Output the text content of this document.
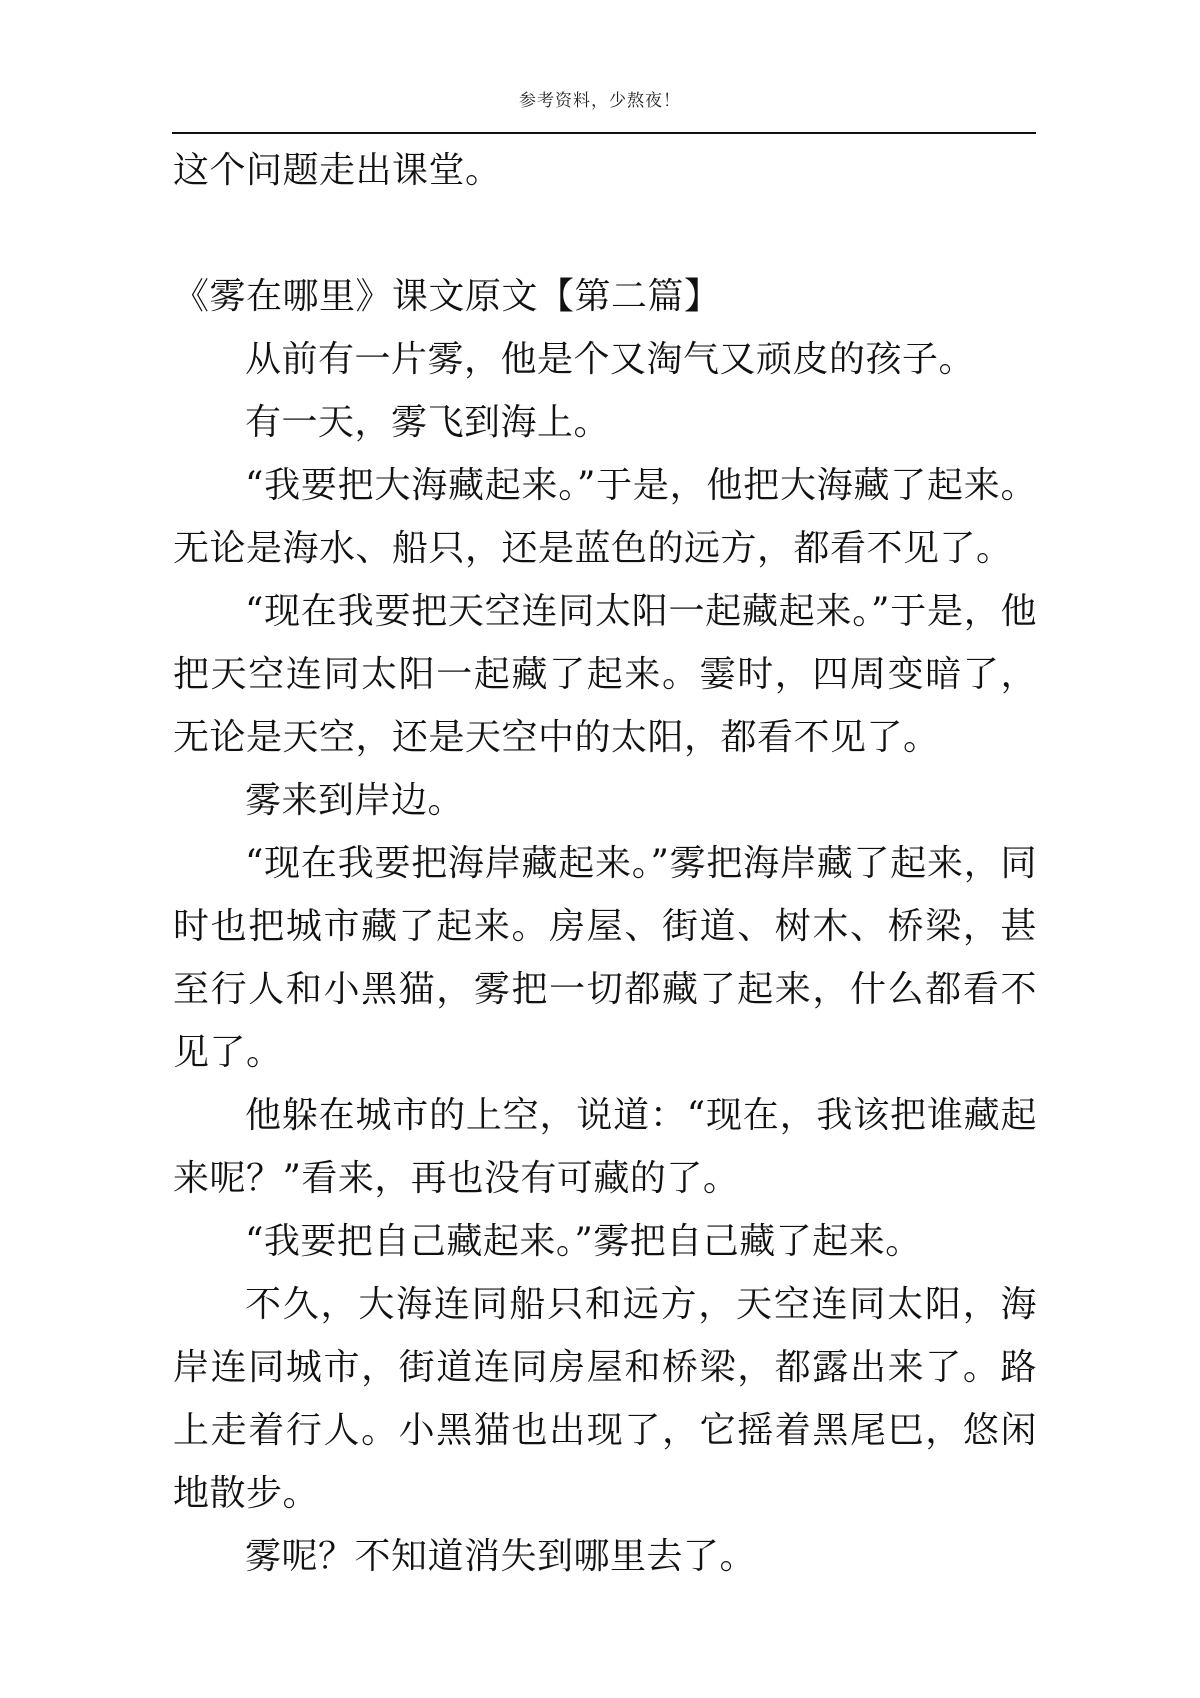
参考资料，少熬夜！

这个问题走出课堂。

《雾在哪里》课文原文【第二篇】

从前有一片雾，他是个又淘气又顽皮的孩子。

有一天，雾飞到海上。

“我要把大海藏起来。”于是，他把大海藏了起来。无论是海水、船只，还是蓝色的远方，都看不见了。

“现在我要把天空连同太阳一起藏起来。”于是，他把天空连同太阳一起藏了起来。霎时，四周变暗了，无论是天空，还是天空中的太阳，都看不见了。

雾来到岸边。

“现在我要把海岸藏起来。”雾把海岸藏了起来，同时也把城市藏了起来。房屋、街道、树木、桥梁，甚至行人和小黑猫，雾把一切都藏了起来，什么都看不见了。

他躲在城市的上空，说道：“现在，我该把谁藏起来呢？”看来，再也没有可藏的了。

“我要把自己藏起来。”雾把自己藏了起来。

不久，大海连同船只和远方，天空连同太阳，海岸连同城市，街道连同房屋和桥梁，都露出来了。路上走着行人。小黑猫也出现了，它摇着黑尾巴，悠闲地散步。

雾呢？不知道消失到哪里去了。
